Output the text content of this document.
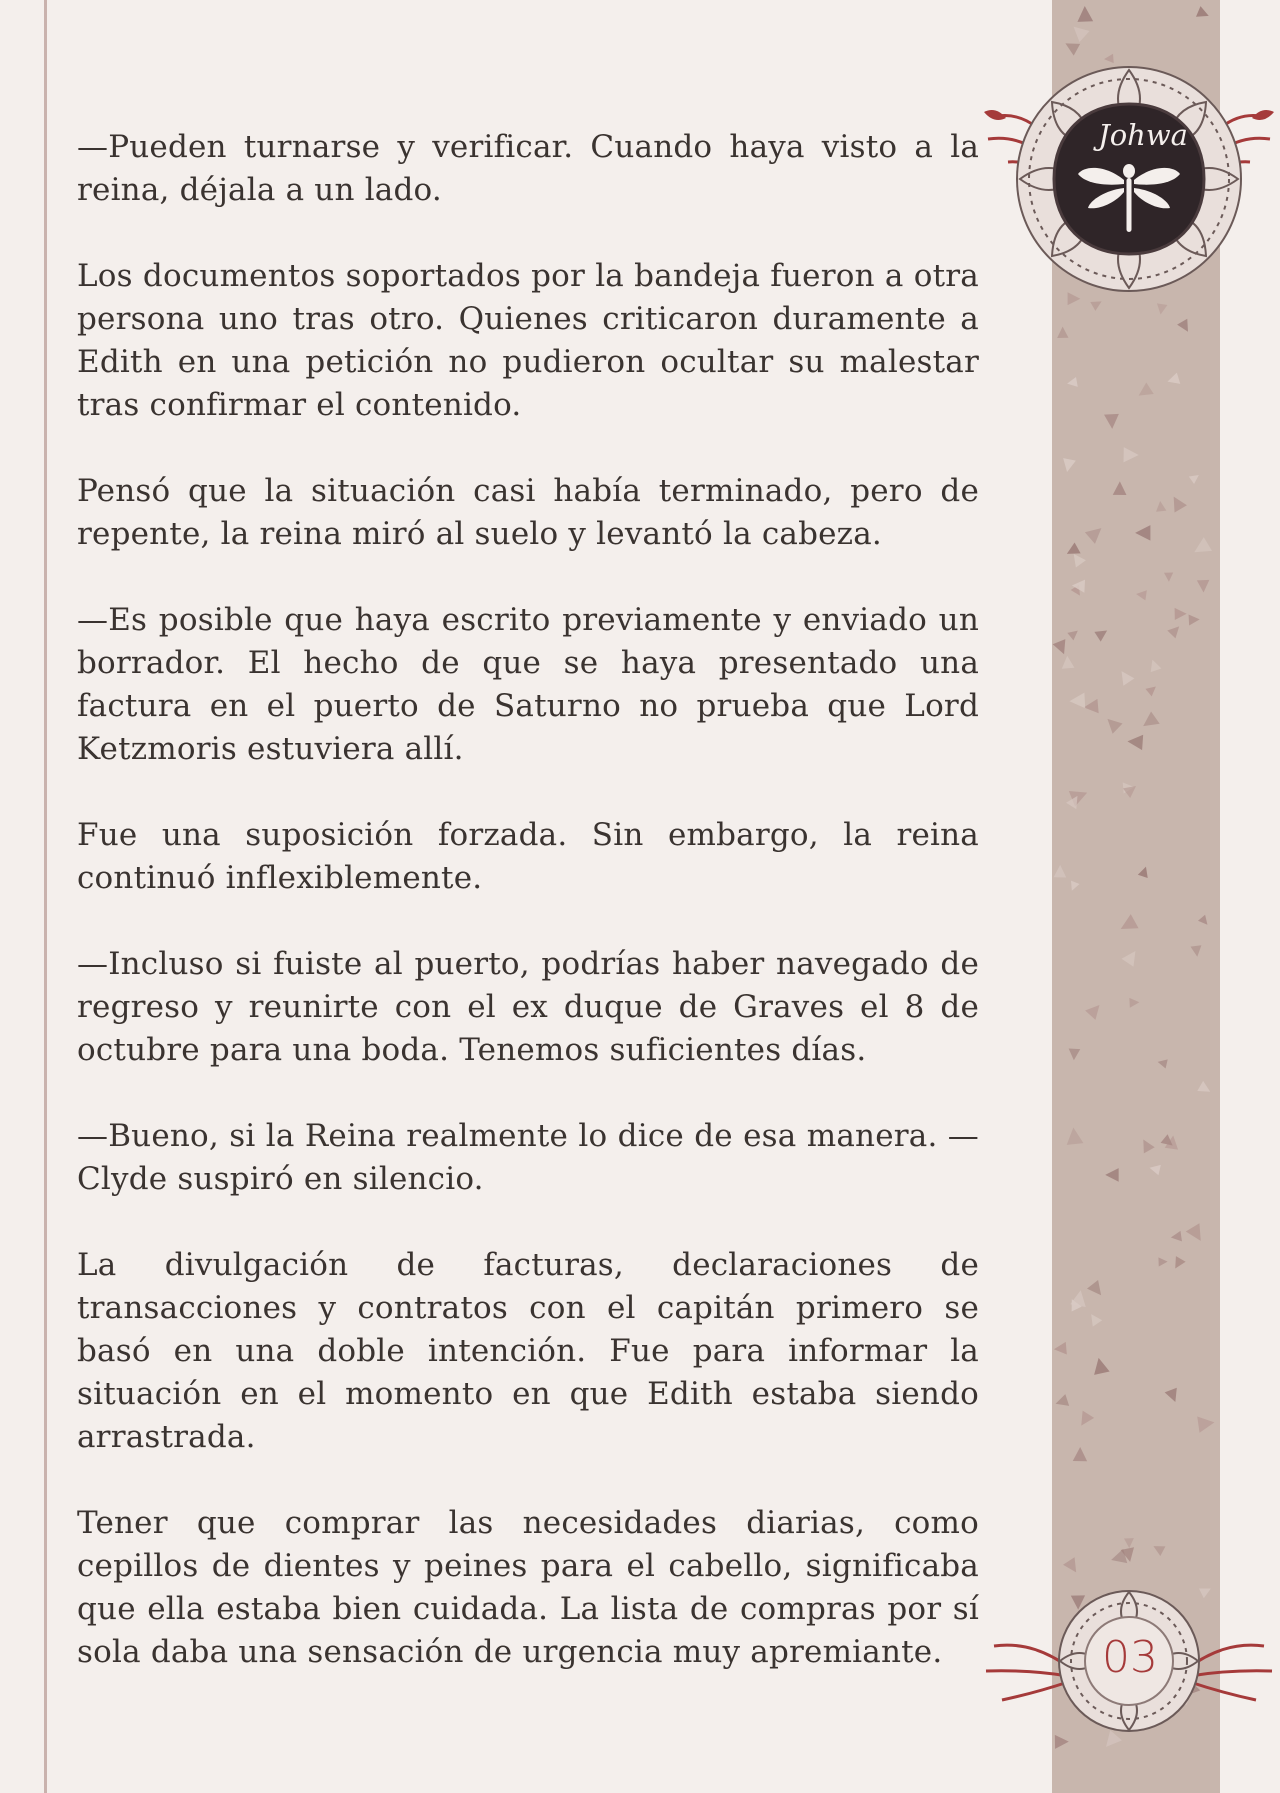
—Pueden turnarse y verificar. Cuando haya visto a la reina, déjala a un lado.

Los documentos soportados por la bandeja fueron a otra persona uno tras otro. Quienes criticaron duramente a Edith en una petición no pudieron ocultar su malestar tras confirmar el contenido.

Pensó que la situación casi había terminado, pero de repente, la reina miró al suelo y levantó la cabeza.

—Es posible que haya escrito previamente y enviado un borrador. El hecho de que se haya presentado una factura en el puerto de Saturno no prueba que Lord Ketzmoris estuviera allí.

Fue una suposición forzada. Sin embargo, la reina continuó inflexiblemente.

—Incluso si fuiste al puerto, podrías haber navegado de regreso y reunirte con el ex duque de Graves el 8 de octubre para una boda. Tenemos suficientes días.

—Bueno, si la Reina realmente lo dice de esa manera. —Clyde suspiró en silencio.

La divulgación de facturas, declaraciones de transacciones y contratos con el capitán primero se basó en una doble intención. Fue para informar la situación en el momento en que Edith estaba siendo arrastrada.

Tener que comprar las necesidades diarias, como cepillos de dientes y peines para el cabello, significaba que ella estaba bien cuidada. La lista de compras por sí sola daba una sensación de urgencia muy apremiante.

Johwa
03
